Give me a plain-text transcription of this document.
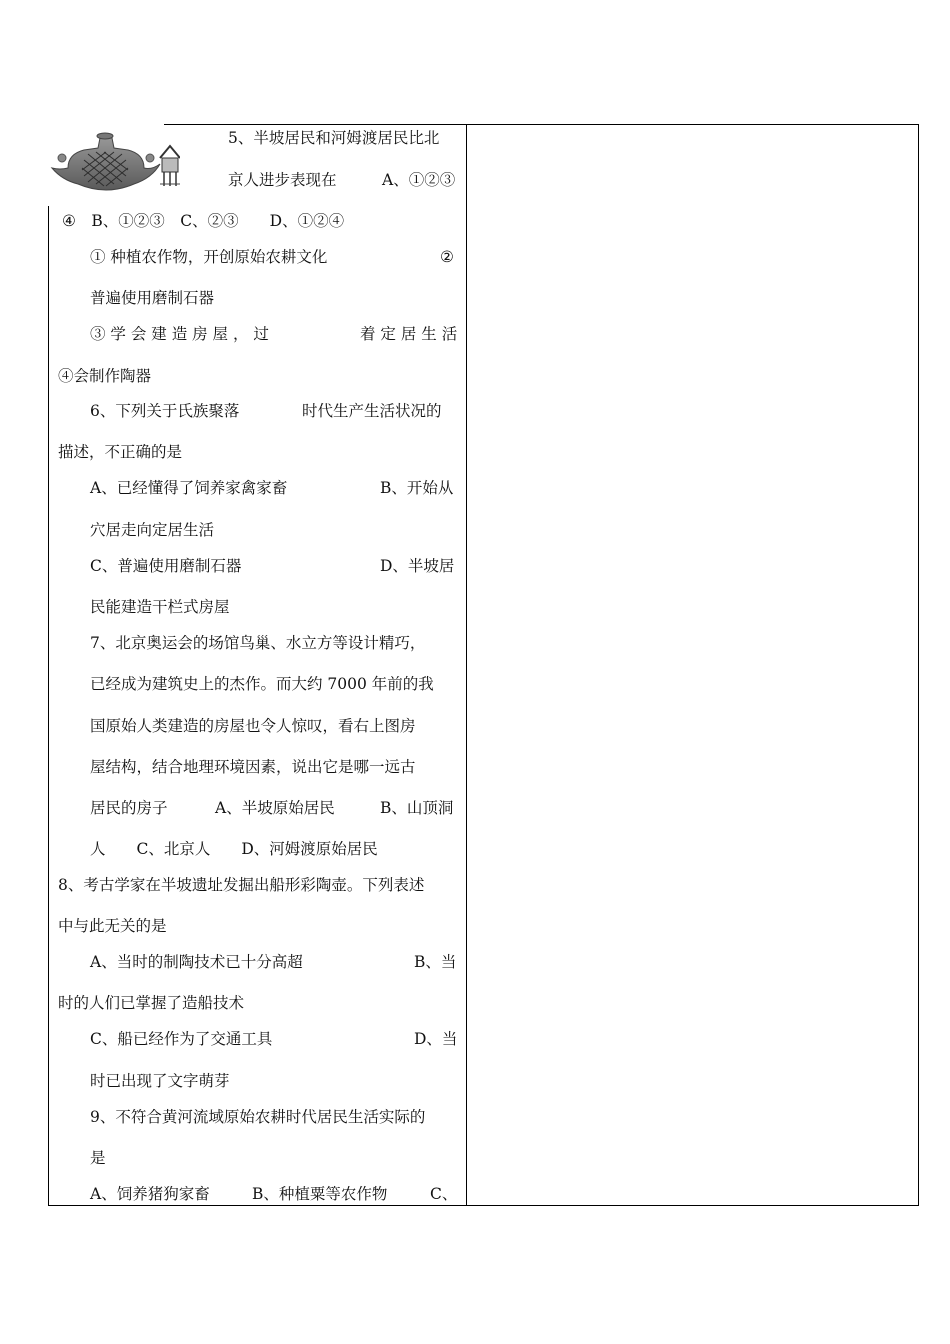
5、半坡居民和河姆渡居民比北
京人进步表现在	A、①②③
④　B、①②③　C、②③　　D、①②④
① 种植农作物，开创原始农耕文化	②
普遍使用磨制石器
③ 学 会 建 造 房 屋 ， 过	着 定 居 生 活
④会制作陶器
6、下列关于氏族聚落	时代生产生活状况的
描述，不正确的是
A、已经懂得了饲养家禽家畜	B、开始从
穴居走向定居生活
C、普遍使用磨制石器	D、半坡居
民能建造干栏式房屋
7、北京奥运会的场馆鸟巢、水立方等设计精巧，
已经成为建筑史上的杰作。而大约 7000 年前的我
国原始人类建造的房屋也令人惊叹，看右上图房
屋结构，结合地理环境因素，说出它是哪一远古
居民的房子	A、半坡原始居民	B、山顶洞
人　　C、北京人　　D、河姆渡原始居民
8、考古学家在半坡遗址发掘出船形彩陶壶。下列表述
中与此无关的是
A、当时的制陶技术已十分高超	B、当
时的人们已掌握了造船技术
C、船已经作为了交通工具	D、当
时已出现了文字萌芽
9、不符合黄河流域原始农耕时代居民生活实际的
是
A、饲养猪狗家畜	B、种植粟等农作物	C、
